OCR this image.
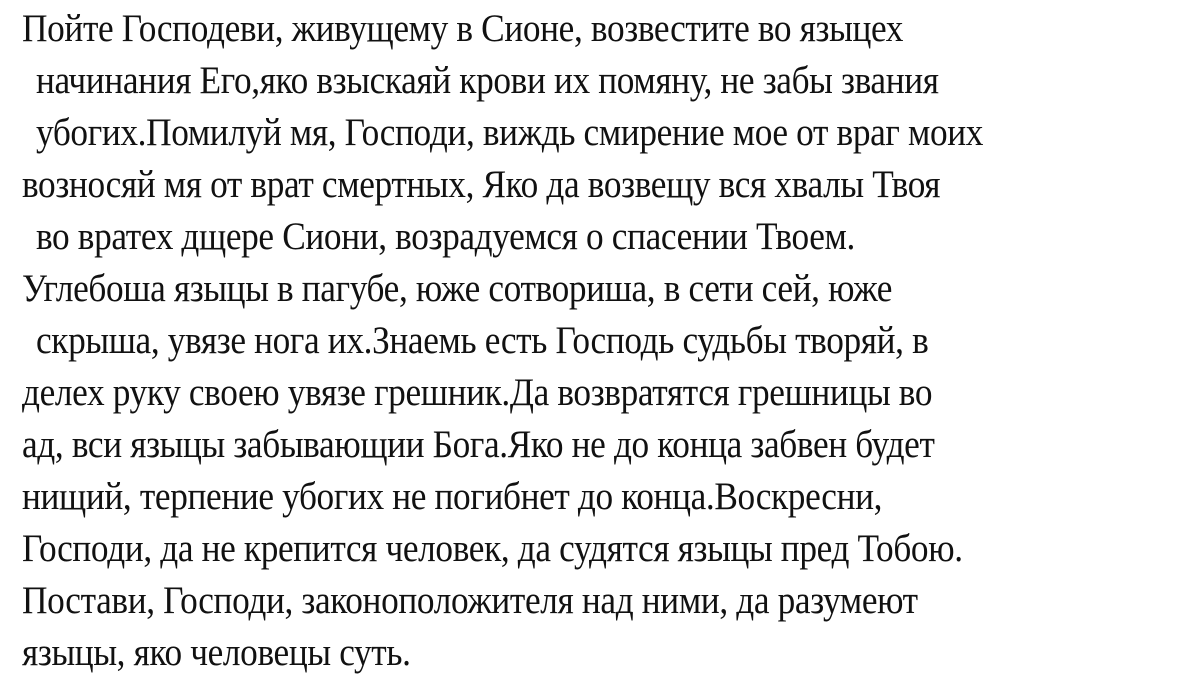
Пойте Господеви, живущему в Сионе, возвестите во языцех
начинания Его,яко взыскаяй крови их помяну, не забы звания
убогих.Помилуй мя, Господи, виждь смирение мое от враг моих
возносяй мя от врат смертных, Яко да возвещу вся хвалы Твоя
во вратех дщере Сиони, возрадуемся о спасении Твоем.
Углебоша языцы в пагубе, юже сотвориша, в сети сей, юже
скрыша, увязе нога их.Знаемь есть Господь судьбы творяй, в
делех руку своею увязе грешник.Да возвратятся грешницы во
ад, вси языцы забывающии Бога.Яко не до конца забвен будет
нищий, терпение убогих не погибнет до конца.Воскресни,
Господи, да не крепится человек, да судятся языцы пред Тобою.
Постави, Господи, законоположителя над ними, да разумеют
языцы, яко человецы суть.
